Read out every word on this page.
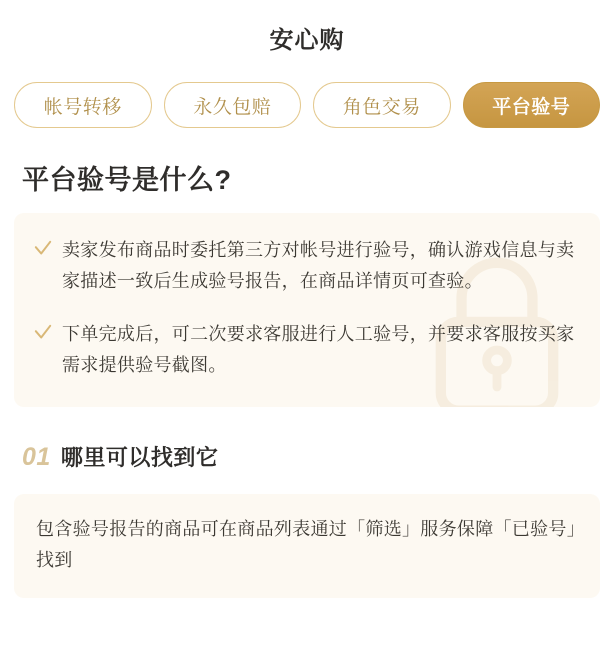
安心购
帐号转移	永久包赔	角色交易	平台验号
平台验号是什么?
卖家发布商品时委托第三方对帐号进行验号，确认游戏信息与卖家描述一致后生成验号报告，在商品详情页可查验。
下单完成后，可二次要求客服进行人工验号，并要求客服按买家需求提供验号截图。
01 哪里可以找到它
包含验号报告的商品可在商品列表通过「筛选」服务保障「已验号」找到
